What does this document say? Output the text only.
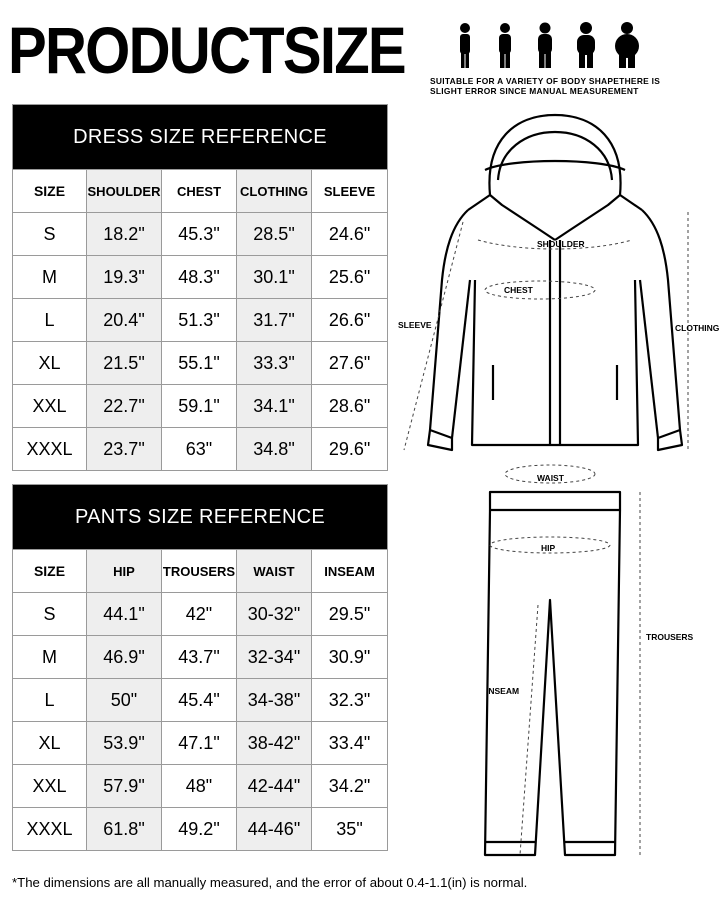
PRODUCTSIZE	SUITABLE FOR A VARIETY OF BODY SHAPETHERE IS SLIGHT ERROR SINCE MANUAL MEASUREMENT
DRESS SIZE REFERENCE				
SIZE	SHOULDER	CHEST	CLOTHING	SLEEVE
S	18.2"	45.3"	28.5"	24.6"
M	19.3"	48.3"	30.1"	25.6"
L	20.4"	51.3"	31.7"	26.6"
XL	21.5"	55.1"	33.3"	27.6"
XXL	22.7"	59.1"	34.1"	28.6"
XXXL	23.7"	63"	34.8"	29.6"
PANTS SIZE REFERENCE				
SIZE	HIP	TROUSERS	WAIST	INSEAM
S	44.1"	42"	30-32"	29.5"
M	46.9"	43.7"	32-34"	30.9"
L	50"	45.4"	34-38"	32.3"
XL	53.9"	47.1"	38-42"	33.4"
XXL	57.9"	48"	42-44"	34.2"
XXXL	61.8"	49.2"	44-46"	35"
SHOULDER
CHEST
SLEEVE	CLOTHING
WAIST
HIP
INSEAM
TROUSERS
*The dimensions are all manually measured, and the error of about 0.4-1.1(in) is normal.
